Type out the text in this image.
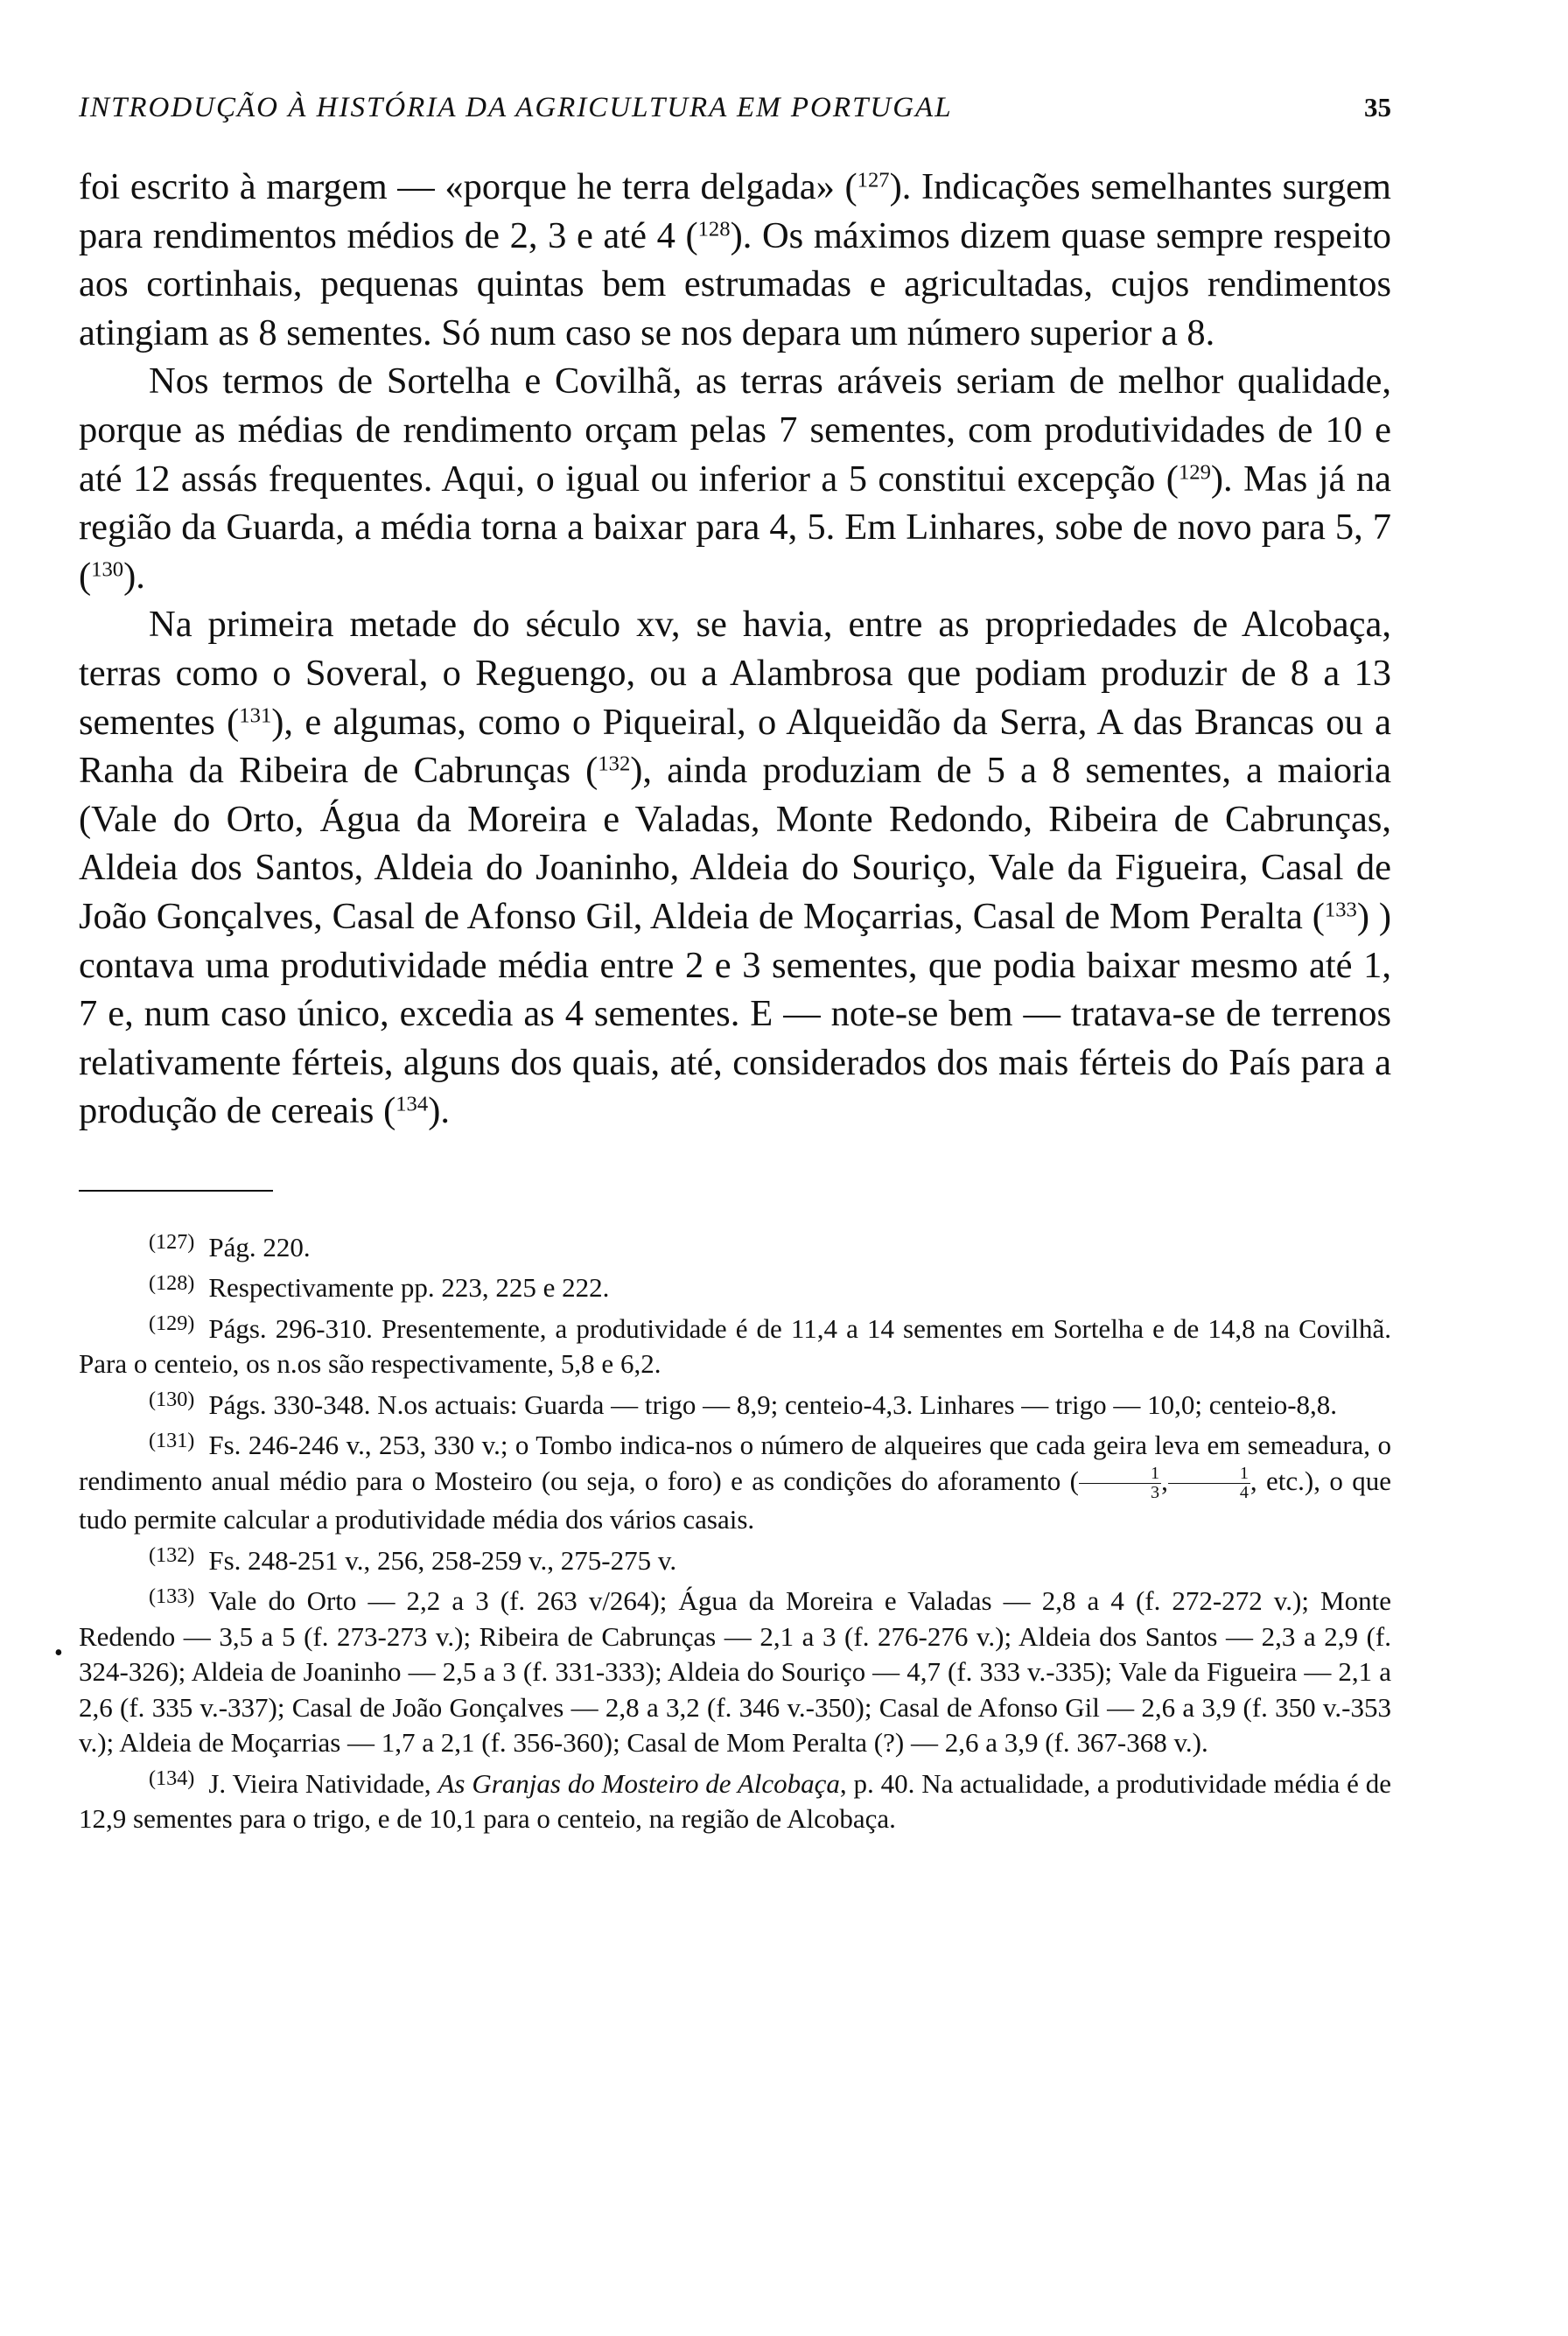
•
INTRODUÇÃO À HISTÓRIA DA AGRICULTURA EM PORTUGAL	35

foi escrito à margem — «porque he terra delgada» ($^{127}$). Indicações semelhantes surgem para rendimentos médios de 2, 3 e até 4 ($^{128}$). Os máximos dizem quase sempre respeito aos cortinhais, pequenas quintas bem estrumadas e agricultadas, cujos rendimentos atingiam as 8 sementes. Só num caso se nos depara um número superior a 8.

Nos termos de Sortelha e Covilhã, as terras aráveis seriam de melhor qualidade, porque as médias de rendimento orçam pelas 7 sementes, com produtividades de 10 e até 12 assás frequentes. Aqui, o igual ou inferior a 5 constitui excepção ($^{129}$). Mas já na região da Guarda, a média torna a baixar para 4, 5. Em Linhares, sobe de novo para 5, 7 ($^{130}$).

Na primeira metade do século xv, se havia, entre as propriedades de Alcobaça, terras como o Soveral, o Reguengo, ou a Alambrosa que podiam produzir de 8 a 13 sementes ($^{131}$), e algumas, como o Piqueiral, o Alqueidão da Serra, A das Brancas ou a Ranha da Ribeira de Cabrunças ($^{132}$), ainda produziam de 5 a 8 sementes, a maioria (Vale do Orto, Água da Moreira e Valadas, Monte Redondo, Ribeira de Cabrunças, Aldeia dos Santos, Aldeia do Joaninho, Aldeia do Souriço, Vale da Figueira, Casal de João Gonçalves, Casal de Afonso Gil, Aldeia de Moçarrias, Casal de Mom Peralta ($^{133}$) ) contava uma produtividade média entre 2 e 3 sementes, que podia baixar mesmo até 1, 7 e, num caso único, excedia as 4 sementes. E — note-se bem — tratava-se de terrenos relativamente férteis, alguns dos quais, até, considerados dos mais férteis do País para a produção de cereais ($^{134}$).

$^{(127)}$ Pág. 220.

$^{(128)}$ Respectivamente pp. 223, 225 e 222.

$^{(129)}$ Págs. 296-310. Presentemente, a produtividade é de 11,4 a 14 sementes em Sortelha e de 14,8 na Covilhã. Para o centeio, os n.os são respectivamente, 5,8 e 6,2.

$^{(130)}$ Págs. 330-348. N.os actuais: Guarda — trigo — 8,9; centeio-4,3. Linhares — trigo — 10,0; centeio-8,8.

$^{(131)}$ Fs. 246-246 v., 253, 330 v.; o Tombo indica-nos o número de alqueires que cada geira leva em semeadura, o rendimento anual médio para o Mosteiro (ou seja, o foro) e as condições do aforamento ( $\frac{1}{3}$ , $\frac{1}{4}$ , etc.), o que tudo permite calcular a produtividade média dos vários casais.

$^{(132)}$ Fs. 248-251 v., 256, 258-259 v., 275-275 v.

$^{(133)}$ Vale do Orto — 2,2 a 3 (f. 263 v/264); Água da Moreira e Valadas — 2,8 a 4 (f. 272-272 v.); Monte Redendo — 3,5 a 5 (f. 273-273 v.); Ribeira de Cabrunças — 2,1 a 3 (f. 276-276 v.); Aldeia dos Santos — 2,3 a 2,9 (f. 324-326); Aldeia de Joaninho — 2,5 a 3 (f. 331-333); Aldeia do Souriço — 4,7 (f. 333 v.-335); Vale da Figueira — 2,1 a 2,6 (f. 335 v.-337); Casal de João Gonçalves — 2,8 a 3,2 (f. 346 v.-350); Casal de Afonso Gil — 2,6 a 3,9 (f. 350 v.-353 v.); Aldeia de Moçarrias — 1,7 a 2,1 (f. 356-360); Casal de Mom Peralta (?) — 2,6 a 3,9 (f. 367-368 v.).

$^{(134)}$ J. Vieira Natividade, As Granjas do Mosteiro de Alcobaça, p. 40. Na actualidade, a produtividade média é de 12,9 sementes para o trigo, e de 10,1 para o centeio, na região de Alcobaça.
